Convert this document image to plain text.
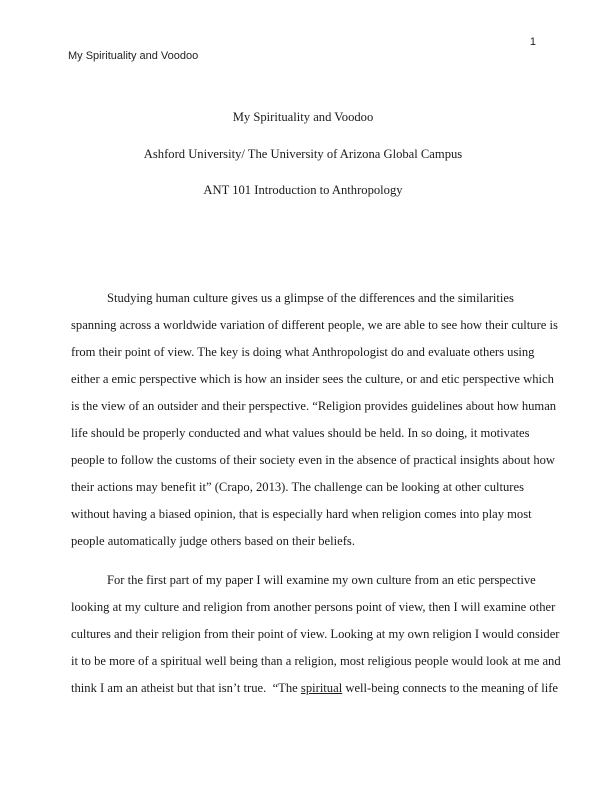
1
My Spirituality and Voodoo
My Spirituality and Voodoo
Ashford University/ The University of Arizona Global Campus
ANT 101 Introduction to Anthropology
Studying human culture gives us a glimpse of the differences and the similarities
spanning across a worldwide variation of different people, we are able to see how their culture is
from their point of view. The key is doing what Anthropologist do and evaluate others using
either a emic perspective which is how an insider sees the culture, or and etic perspective which
is the view of an outsider and their perspective. “Religion provides guidelines about how human
life should be properly conducted and what values should be held. In so doing, it motivates
people to follow the customs of their society even in the absence of practical insights about how
their actions may benefit it” (Crapo, 2013). The challenge can be looking at other cultures
without having a biased opinion, that is especially hard when religion comes into play most
people automatically judge others based on their beliefs.
For the first part of my paper I will examine my own culture from an etic perspective
looking at my culture and religion from another persons point of view, then I will examine other
cultures and their religion from their point of view. Looking at my own religion I would consider
it to be more of a spiritual well being than a religion, most religious people would look at me and
think I am an atheist but that isn’t true. “The spiritual well-being connects to the meaning of life
